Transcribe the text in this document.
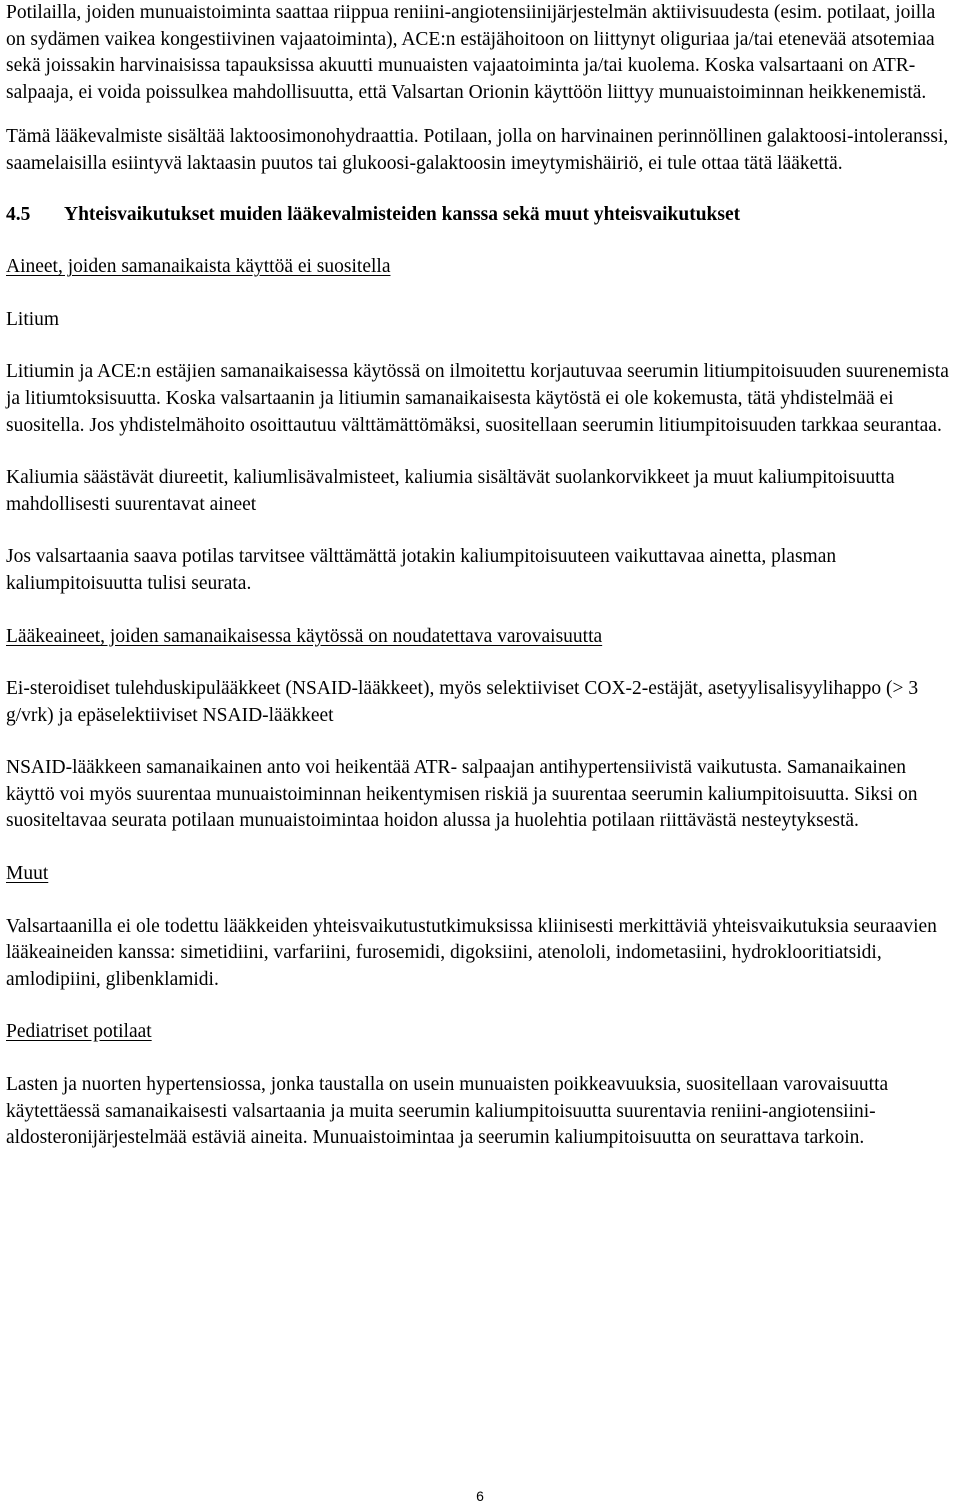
Potilailla, joiden munuaistoiminta saattaa riippua reniini-angiotensiinijärjestelmän aktiivisuudesta (esim. potilaat, joilla on sydämen vaikea kongestiivinen vajaatoiminta), ACE:n estäjähoitoon on liittynyt oliguriaa ja/tai etenevää atsotemiaa sekä joissakin harvinaisissa tapauksissa akuutti munuaisten vajaatoiminta ja/tai kuolema. Koska valsartaani on ATR- salpaaja, ei voida poissulkea mahdollisuutta, että Valsartan Orionin käyttöön liittyy munuaistoiminnan heikkenemistä.

Tämä lääkevalmiste sisältää laktoosimonohydraattia. Potilaan, jolla on harvinainen perinnöllinen galaktoosi-intoleranssi, saamelaisilla esiintyvä laktaasin puutos tai glukoosi-galaktoosin imeytymishäiriö, ei tule ottaa tätä lääkettä.

4.5	Yhteisvaikutukset muiden lääkevalmisteiden kanssa sekä muut yhteisvaikutukset

Aineet, joiden samanaikaista käyttöä ei suositella

Litium

Litiumin ja ACE:n estäjien samanaikaisessa käytössä on ilmoitettu korjautuvaa seerumin litiumpitoisuuden suurenemista ja litiumtoksisuutta. Koska valsartaanin ja litiumin samanaikaisesta käytöstä ei ole kokemusta, tätä yhdistelmää ei suositella. Jos yhdistelmähoito osoittautuu välttämättömäksi, suositellaan seerumin litiumpitoisuuden tarkkaa seurantaa.

Kaliumia säästävät diureetit, kaliumlisävalmisteet, kaliumia sisältävät suolankorvikkeet ja muut kaliumpitoisuutta mahdollisesti suurentavat aineet

Jos valsartaania saava potilas tarvitsee välttämättä jotakin kaliumpitoisuuteen vaikuttavaa ainetta, plasman kaliumpitoisuutta tulisi seurata.

Lääkeaineet, joiden samanaikaisessa käytössä on noudatettava varovaisuutta

Ei-steroidiset tulehduskipulääkkeet (NSAID-lääkkeet), myös selektiiviset COX-2-estäjät, asetyylisalisyylihappo (> 3 g/vrk) ja epäselektiiviset NSAID-lääkkeet

NSAID-lääkkeen samanaikainen anto voi heikentää ATR- salpaajan antihypertensiivistä vaikutusta. Samanaikainen käyttö voi myös suurentaa munuaistoiminnan heikentymisen riskiä ja suurentaa seerumin kaliumpitoisuutta. Siksi on suositeltavaa seurata potilaan munuaistoimintaa hoidon alussa ja huolehtia potilaan riittävästä nesteytyksestä.

Muut

Valsartaanilla ei ole todettu lääkkeiden yhteisvaikutustutkimuksissa kliinisesti merkittäviä yhteisvaikutuksia seuraavien lääkeaineiden kanssa: simetidiini, varfariini, furosemidi, digoksiini, atenololi, indometasiini, hydroklooritiatsidi, amlodipiini, glibenklamidi.

Pediatriset potilaat

Lasten ja nuorten hypertensiossa, jonka taustalla on usein munuaisten poikkeavuuksia, suositellaan varovaisuutta käytettäessä samanaikaisesti valsartaania ja muita seerumin kaliumpitoisuutta suurentavia reniini-angiotensiini-aldosteronijärjestelmää estäviä aineita. Munuaistoimintaa ja seerumin kaliumpitoisuutta on seurattava tarkoin.

6
